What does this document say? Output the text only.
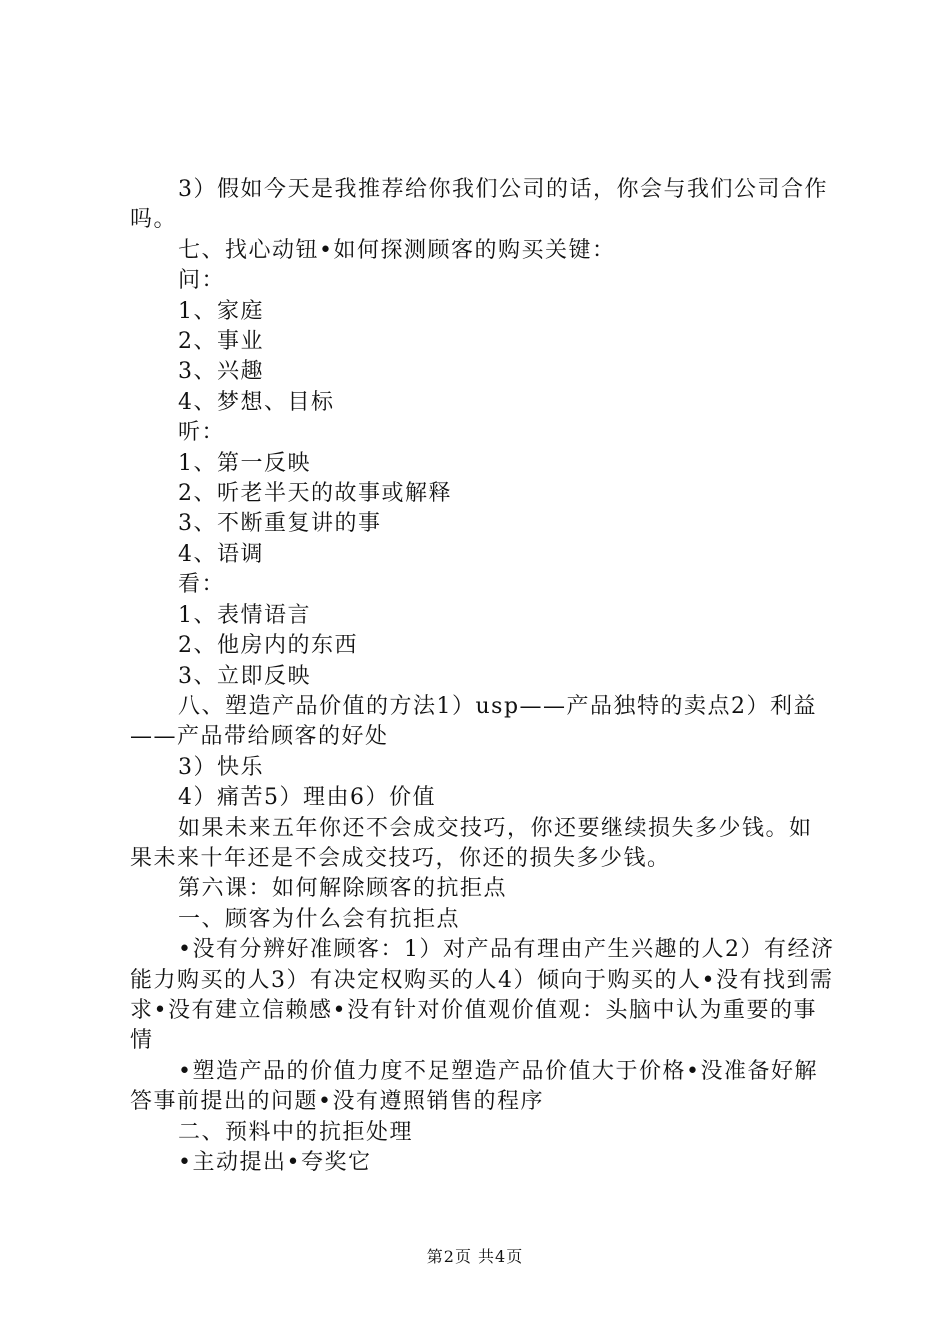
3）假如今天是我推荐给你我们公司的话，你会与我们公司合作吗。

七、找心动钮•如何探测顾客的购买关键：

问：

1、家庭

2、事业

3、兴趣

4、梦想、目标

听：

1、第一反映

2、听老半天的故事或解释

3、不断重复讲的事

4、语调

看：

1、表情语言

2、他房内的东西

3、立即反映

八、塑造产品价值的方法1）usp——产品独特的卖点2）利益——产品带给顾客的好处

3）快乐

4）痛苦5）理由6）价值

如果未来五年你还不会成交技巧，你还要继续损失多少钱。如果未来十年还是不会成交技巧，你还的损失多少钱。

第六课：如何解除顾客的抗拒点

一、顾客为什么会有抗拒点

•没有分辨好准顾客：1）对产品有理由产生兴趣的人2）有经济能力购买的人3）有决定权购买的人4）倾向于购买的人•没有找到需求•没有建立信赖感•没有针对价值观价值观：头脑中认为重要的事情

•塑造产品的价值力度不足塑造产品价值大于价格•没准备好解答事前提出的问题•没有遵照销售的程序

二、预料中的抗拒处理

•主动提出•夸奖它

第2页 共4页
